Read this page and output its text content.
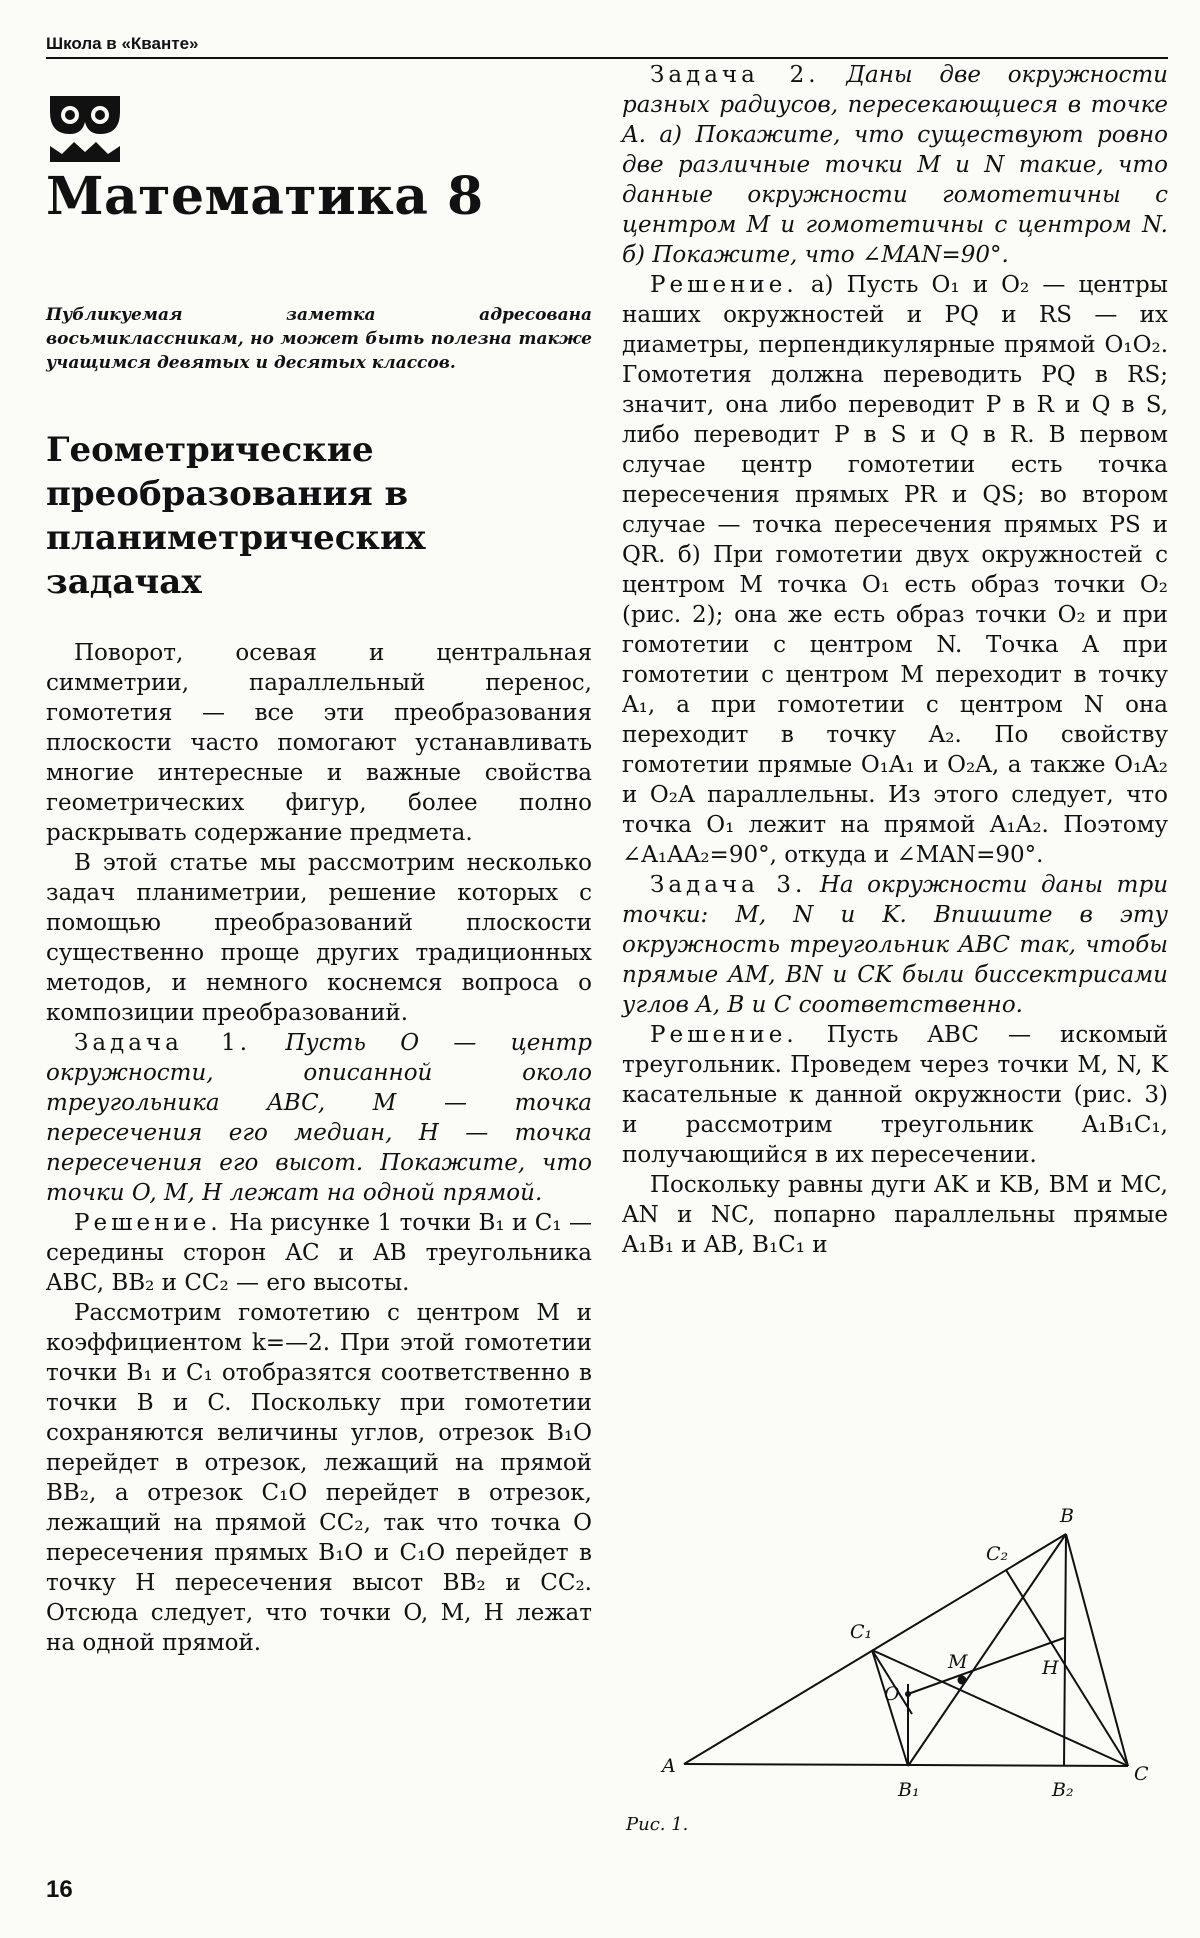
Школа в «Кванте»
Математика 8

Публикуемая заметка адресована восьмиклассникам, но может быть полезна также учащимся девятых и десятых классов.

Геометрические преобразования в планиметрических задачах

Поворот, осевая и центральная симметрии, параллельный перенос, гомотетия — все эти преобразования плоскости часто помогают устанавливать многие интересные и важные свойства геометрических фигур, более полно раскрывать содержание предмета.

В этой статье мы рассмотрим несколько задач планиметрии, решение которых с помощью преобразований плоскости существенно проще других традиционных методов, и немного коснемся вопроса о композиции преобразований.

Задача 1. Пусть O — центр окружности, описанной около треугольника ABC, M — точка пересечения его медиан, H — точка пересечения его высот. Покажите, что точки O, M, H лежат на одной прямой.

Решение. На рисунке 1 точки B₁ и C₁ — середины сторон AC и AB треугольника ABC, BB₂ и CC₂ — его высоты.

Рассмотрим гомотетию с центром M и коэффициентом k=—2. При этой гомотетии точки B₁ и C₁ отобразятся соответственно в точки B и C. Поскольку при гомотетии сохраняются величины углов, отрезок B₁O перейдет в отрезок, лежащий на прямой BB₂, а отрезок C₁O перейдет в отрезок, лежащий на прямой CC₂, так что точка O пересечения прямых B₁O и C₁O перейдет в точку H пересечения высот BB₂ и CC₂. Отсюда следует, что точки O, M, H лежат на одной прямой.

Задача 2. Даны две окружности разных радиусов, пересекающиеся в точке A. а) Покажите, что существуют ровно две различные точки M и N такие, что данные окружности гомотетичны с центром M и гомотетичны с центром N. б) Покажите, что ∠MAN=90°.

Решение. а) Пусть O₁ и O₂ — центры наших окружностей и PQ и RS — их диаметры, перпендикулярные прямой O₁O₂. Гомотетия должна переводить PQ в RS; значит, она либо переводит P в R и Q в S, либо переводит P в S и Q в R. В первом случае центр гомотетии есть точка пересечения прямых PR и QS; во втором случае — точка пересечения прямых PS и QR. б) При гомотетии двух окружностей с центром M точка O₁ есть образ точки O₂ (рис. 2); она же есть образ точки O₂ и при гомотетии с центром N. Точка A при гомотетии с центром M переходит в точку A₁, а при гомотетии с центром N она переходит в точку A₂. По свойству гомотетии прямые O₁A₁ и O₂A, а также O₁A₂ и O₂A параллельны. Из этого следует, что точка O₁ лежит на прямой A₁A₂. Поэтому ∠A₁AA₂=90°, откуда и ∠MAN=90°.

Задача 3. На окружности даны три точки: M, N и K. Впишите в эту окружность треугольник ABC так, чтобы прямые AM, BN и CK были биссектрисами углов A, B и C соответственно.

Решение. Пусть ABC — искомый треугольник. Проведем через точки M, N, K касательные к данной окружности (рис. 3) и рассмотрим треугольник A₁B₁C₁, получающийся в их пересечении.

Поскольку равны дуги AK и KB, BM и MC, AN и NC, попарно параллельны прямые A₁B₁ и AB, B₁C₁ и

A
B
C
B₁	B₂
C₁
C₂
M	H
O

Рис. 1.

16
